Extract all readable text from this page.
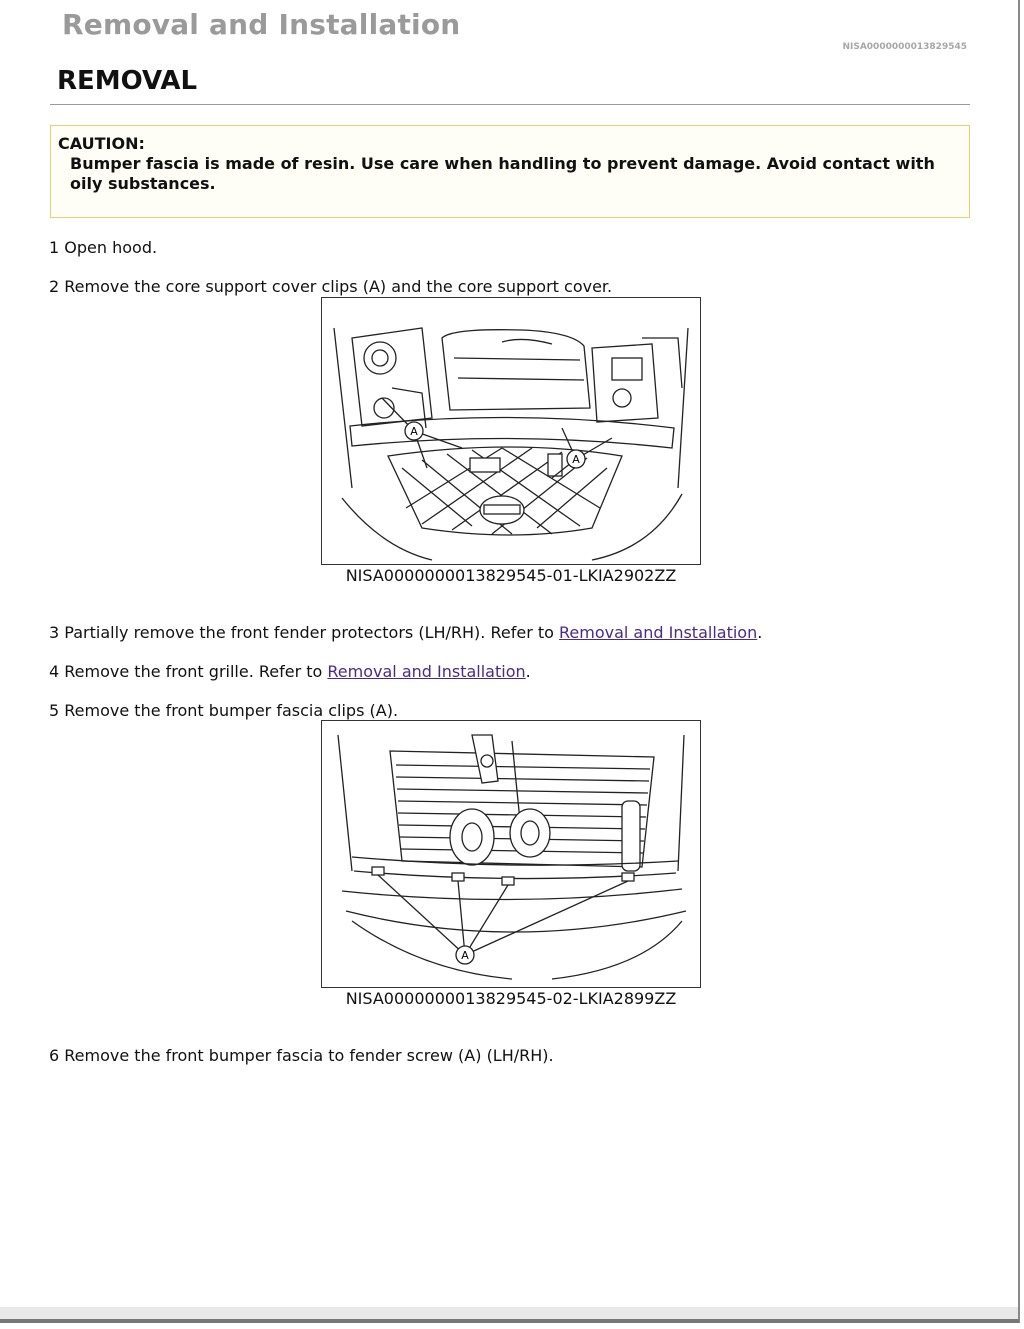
Removal and Installation
NISA0000000013829545
REMOVAL
CAUTION:
Bumper fascia is made of resin. Use care when handling to prevent damage. Avoid contact with oily substances.
1 Open hood.
2 Remove the core support cover clips (A) and the core support cover.
A
A
NISA0000000013829545-01-LKIA2902ZZ
3 Partially remove the front fender protectors (LH/RH). Refer to Removal and Installation.
4 Remove the front grille. Refer to Removal and Installation.
5 Remove the front bumper fascia clips (A).
A
NISA0000000013829545-02-LKIA2899ZZ
6 Remove the front bumper fascia to fender screw (A) (LH/RH).
